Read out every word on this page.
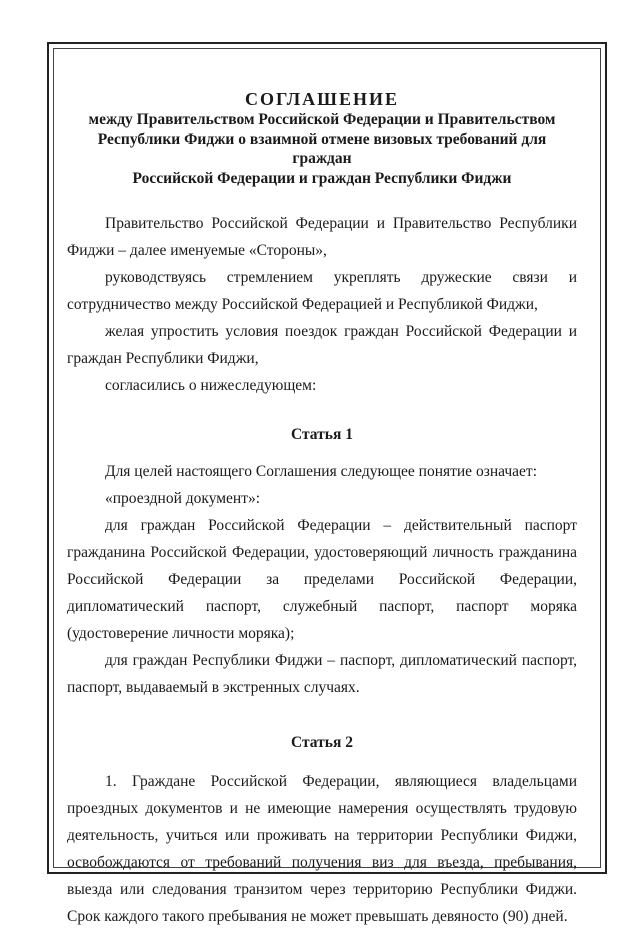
СОГЛАШЕНИЕ

между Правительством Российской Федерации и Правительством
Республики Фиджи о взаимной отмене визовых требований для граждан
Российской Федерации и граждан Республики Фиджи

Правительство Российской Федерации и Правительство Республики Фиджи – далее именуемые «Стороны»,

руководствуясь стремлением укреплять дружеские связи и сотрудничество между Российской Федерацией и Республикой Фиджи,

желая упростить условия поездок граждан Российской Федерации и граждан Республики Фиджи,

согласились о нижеследующем:

Статья 1

Для целей настоящего Соглашения следующее понятие означает:

«проездной документ»:

для граждан Российской Федерации – действительный паспорт гражданина Российской Федерации, удостоверяющий личность гражданина Российской Федерации за пределами Российской Федерации, дипломатический паспорт, служебный паспорт, паспорт моряка (удостоверение личности моряка);

для граждан Республики Фиджи – паспорт, дипломатический паспорт, паспорт, выдаваемый в экстренных случаях.

Статья 2

1. Граждане Российской Федерации, являющиеся владельцами проездных документов и не имеющие намерения осуществлять трудовую деятельность, учиться или проживать на территории Республики Фиджи, освобождаются от требований получения виз для въезда, пребывания, выезда или следования транзитом через территорию Республики Фиджи. Срок каждого такого пребывания не может превышать девяносто (90) дней.
